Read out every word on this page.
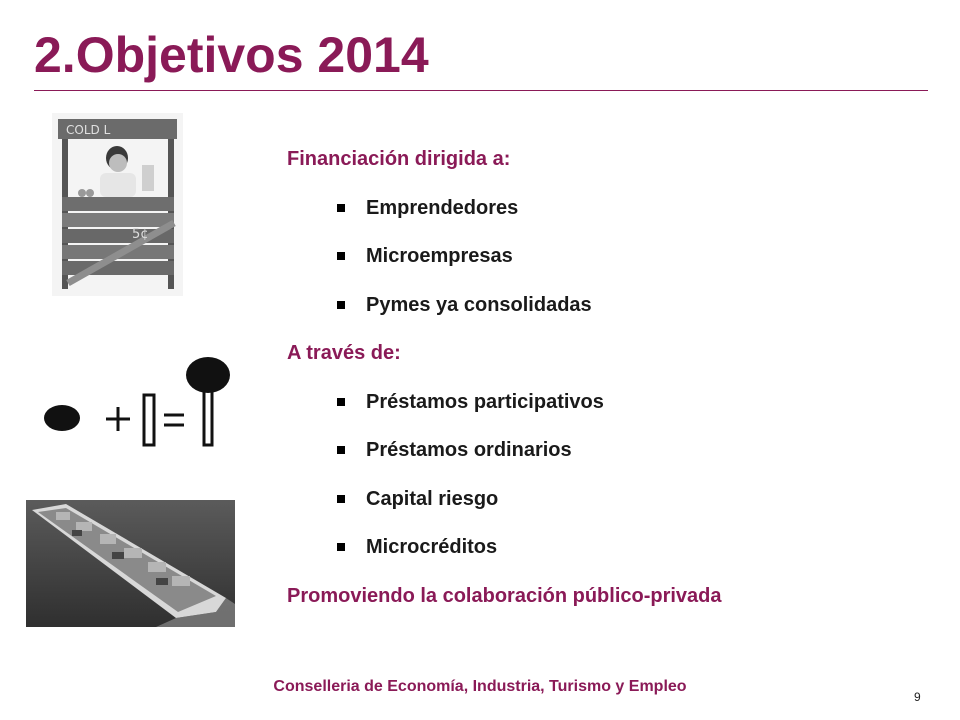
2.Objetivos 2014
COLD L
5¢
Financiación dirigida a:
Emprendedores
Microempresas
Pymes ya consolidadas
A través de:
Préstamos participativos
Préstamos ordinarios
Capital riesgo
Microcréditos
Promoviendo la colaboración público-privada
Conselleria de Economía, Industria, Turismo y Empleo
9
